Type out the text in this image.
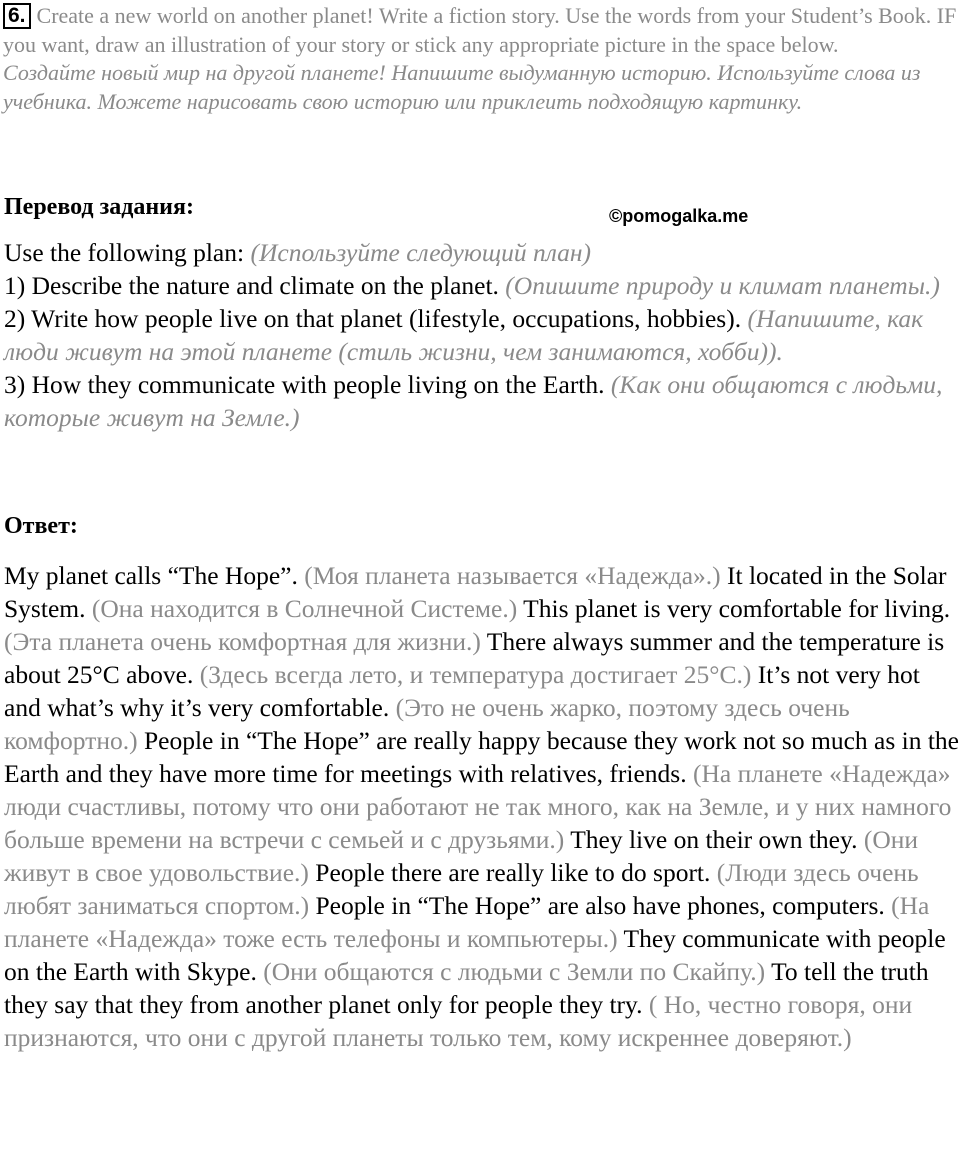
6. Create a new world on another planet! Write a fiction story. Use the words from your Student’s Book. IF you want, draw an illustration of your story or stick any appropriate picture in the space below.

Создайте новый мир на другой планете! Напишите выдуманную историю. Используйте слова из учебника. Можете нарисовать свою историю или приклеить подходящую картинку.

Перевод задания:	©pomogalka.me

Use the following plan: (Используйте следующий план)

1) Describe the nature and climate on the planet. (Опишите природу и климат планеты.)

2) Write how people live on that planet (lifestyle, occupations, hobbies). (Напишите, как люди живут на этой планете (стиль жизни, чем занимаются, хобби)).

3) How they communicate with people living on the Earth. (Как они общаются с людьми, которые живут на Земле.)

Ответ:

My planet calls “The Hope”. (Моя планета называется «Надежда».) It located in the Solar System. (Она находится в Солнечной Системе.) This planet is very comfortable for living. (Эта планета очень комфортная для жизни.) There always summer and the temperature is about 25°C above. (Здесь всегда лето, и температура достигает 25°С.) It’s not very hot and what’s why it’s very comfortable. (Это не очень жарко, поэтому здесь очень комфортно.) People in “The Hope” are really happy because they work not so much as in the Earth and they have more time for meetings with relatives, friends. (На планете «Надежда» люди счастливы, потому что они работают не так много, как на Земле, и у них намного больше времени на встречи с семьей и с друзьями.) They live on their own they. (Они живут в свое удовольствие.) People there are really like to do sport. (Люди здесь очень любят заниматься спортом.) People in “The Hope” are also have phones, computers. (На планете «Надежда» тоже есть телефоны и компьютеры.) They communicate with people on the Earth with Skype. (Они общаются с людьми с Земли по Скайпу.) To tell the truth they say that they from another planet only for people they try. ( Но, честно говоря, они признаются, что они с другой планеты только тем, кому искреннее доверяют.)
